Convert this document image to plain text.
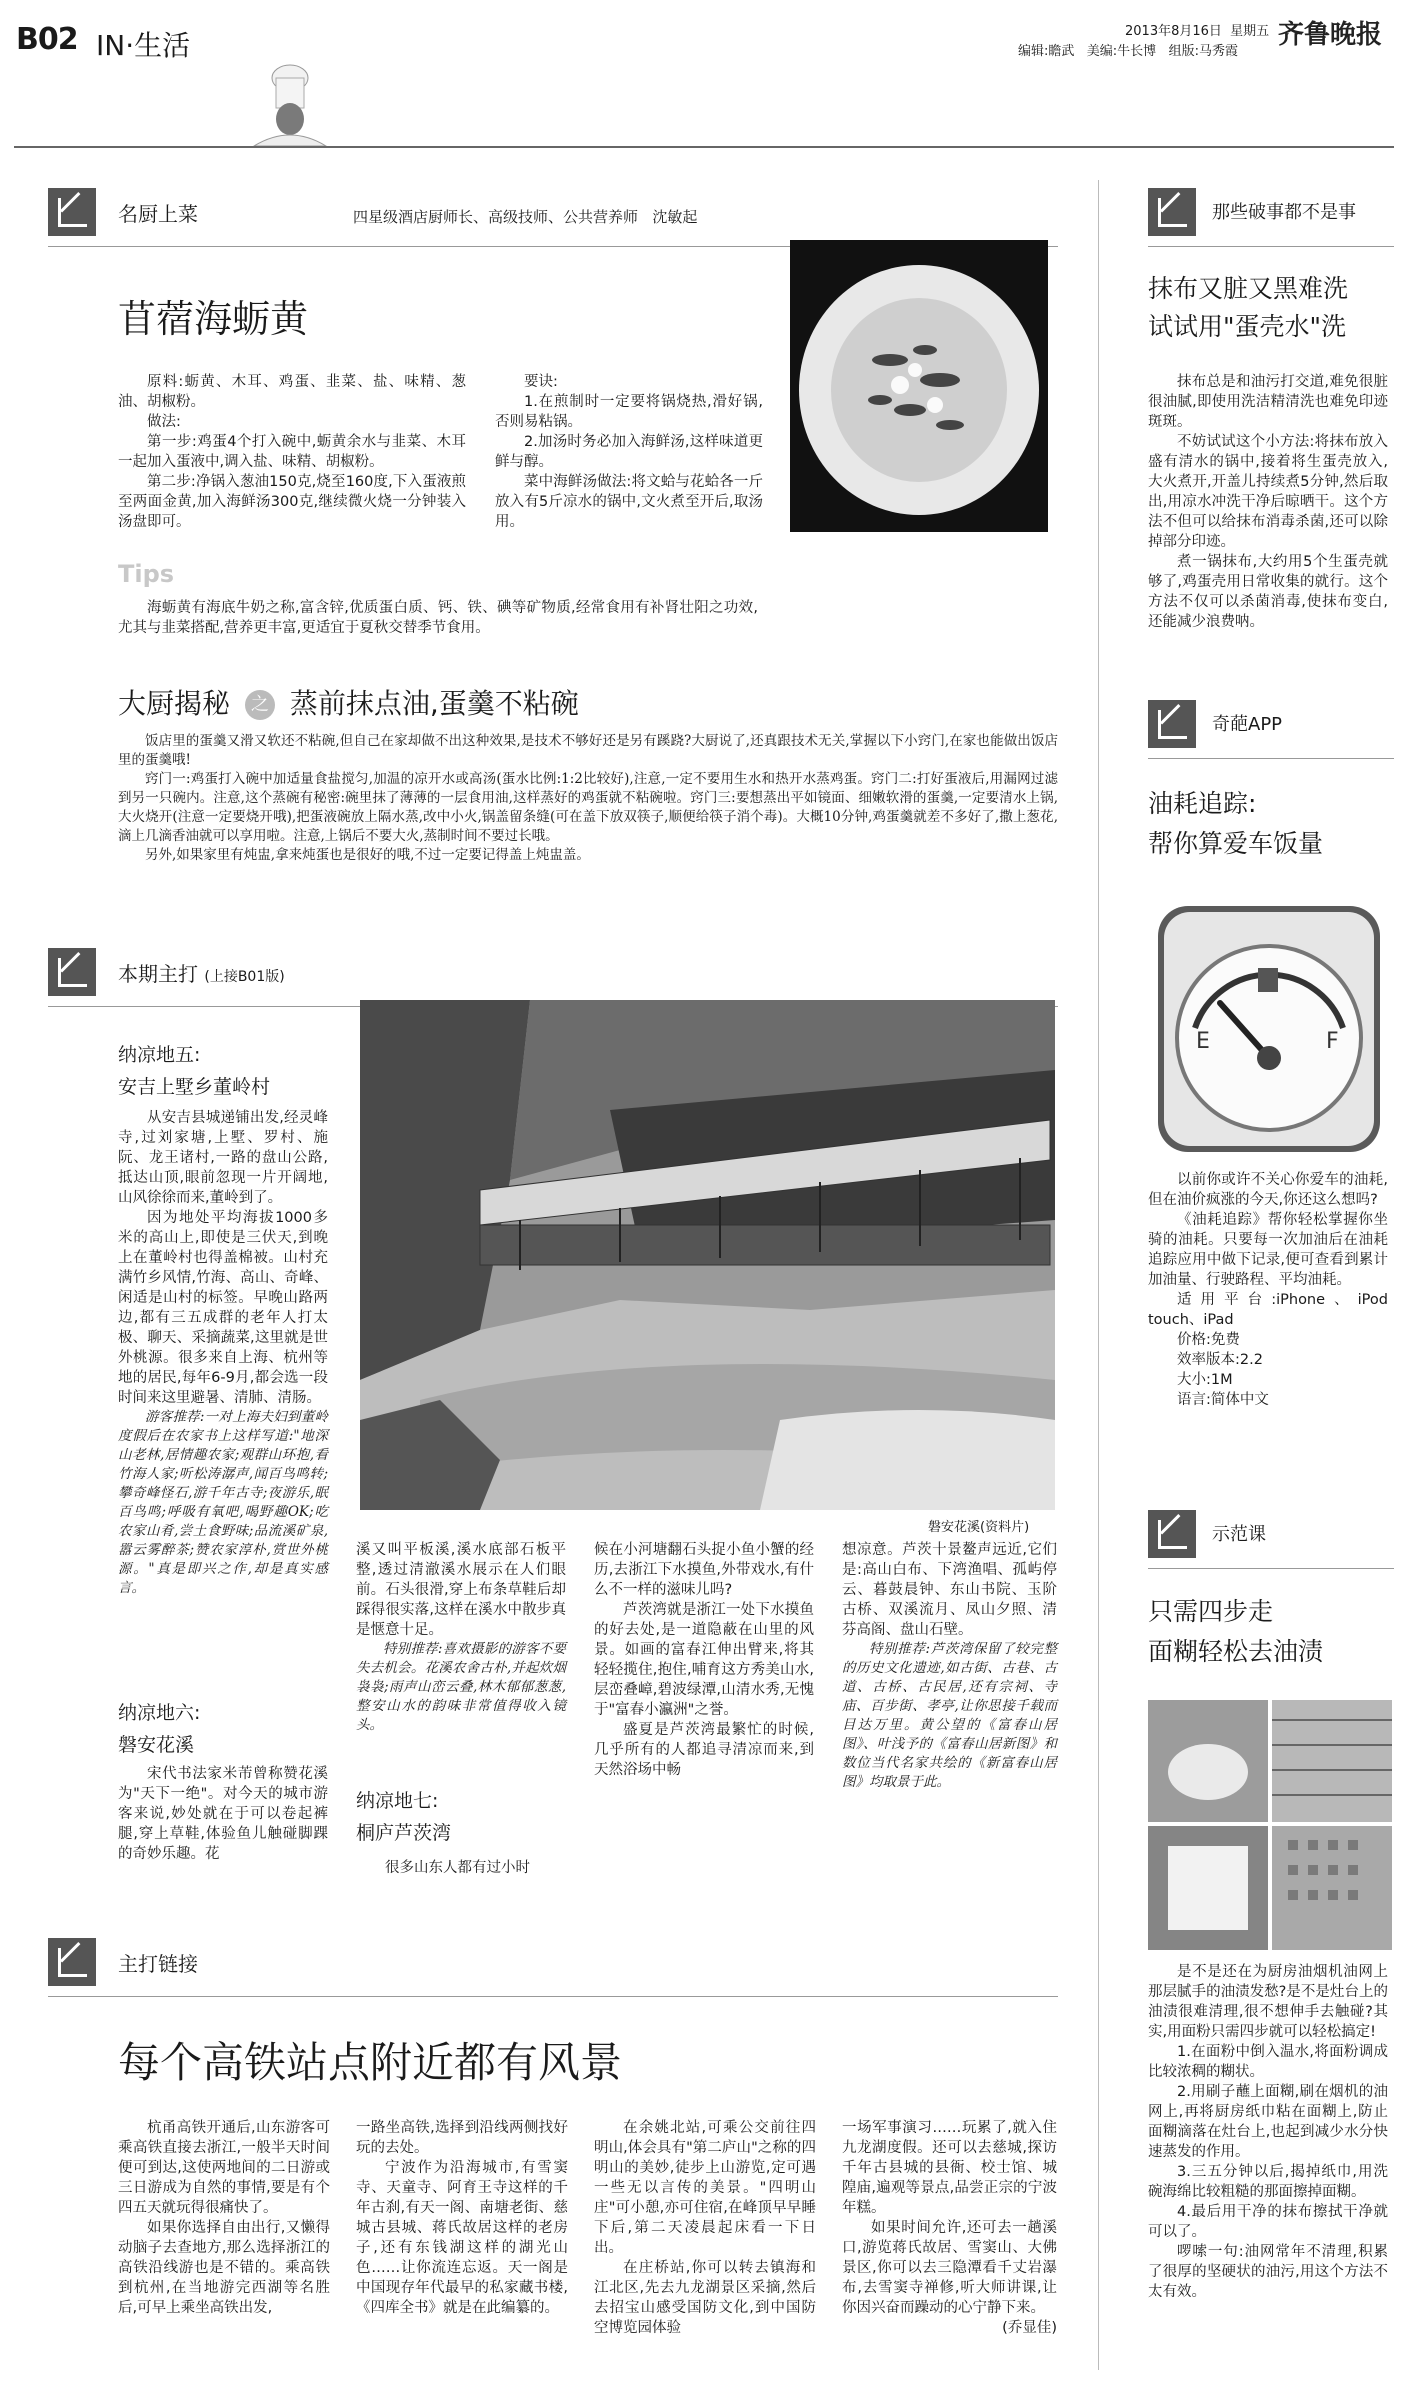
B02 IN·生活	2013年8月16日 星期五 齐鲁晚报
编辑:瞻武 美编:牛长博 组版:马秀霞
名厨上菜	四星级酒店厨师长、高级技师、公共营养师 沈敏起
苜蓿海蛎黄

原料:蛎黄、木耳、鸡蛋、韭菜、盐、味精、葱油、胡椒粉。

做法:

第一步:鸡蛋4个打入碗中,蛎黄余水与韭菜、木耳一起加入蛋液中,调入盐、味精、胡椒粉。

第二步:净锅入葱油150克,烧至160度,下入蛋液煎至两面金黄,加入海鲜汤300克,继续微火烧一分钟装入汤盘即可。

要诀:

1.在煎制时一定要将锅烧热,滑好锅,否则易粘锅。

2.加汤时务必加入海鲜汤,这样味道更鲜与醇。

菜中海鲜汤做法:将文蛤与花蛤各一斤放入有5斤凉水的锅中,文火煮至开后,取汤用。

Tips

海蛎黄有海底牛奶之称,富含锌,优质蛋白质、钙、铁、碘等矿物质,经常食用有补肾壮阳之功效,尤其与韭菜搭配,营养更丰富,更适宜于夏秋交替季节食用。

大厨揭秘 之 蒸前抹点油,蛋羹不粘碗

饭店里的蛋羹又滑又软还不粘碗,但自己在家却做不出这种效果,是技术不够好还是另有蹊跷?大厨说了,还真跟技术无关,掌握以下小窍门,在家也能做出饭店里的蛋羹哦!

窍门一:鸡蛋打入碗中加适量食盐搅匀,加温的凉开水或高汤(蛋水比例:1:2比较好),注意,一定不要用生水和热开水蒸鸡蛋。窍门二:打好蛋液后,用漏网过滤到另一只碗内。注意,这个蒸碗有秘密:碗里抹了薄薄的一层食用油,这样蒸好的鸡蛋就不粘碗啦。窍门三:要想蒸出平如镜面、细嫩软滑的蛋羹,一定要清水上锅,大火烧开(注意一定要烧开哦),把蛋液碗放上隔水蒸,改中小火,锅盖留条缝(可在盖下放双筷子,顺便给筷子消个毒)。大概10分钟,鸡蛋羹就差不多好了,撒上葱花,滴上几滴香油就可以享用啦。注意,上锅后不要大火,蒸制时间不要过长哦。

另外,如果家里有炖盅,拿来炖蛋也是很好的哦,不过一定要记得盖上炖盅盖。

本期主打 (上接B01版)
磐安花溪(资料片)
纳凉地五:
安吉上墅乡董岭村

从安吉县城递铺出发,经灵峰寺,过刘家塘,上墅、罗村、施阮、龙王诸村,一路的盘山公路,抵达山顶,眼前忽现一片开阔地,山风徐徐而来,董岭到了。

因为地处平均海拔1000多米的高山上,即使是三伏天,到晚上在董岭村也得盖棉被。山村充满竹乡风情,竹海、高山、奇峰、闲适是山村的标签。早晚山路两边,都有三五成群的老年人打太极、聊天、采摘蔬菜,这里就是世外桃源。很多来自上海、杭州等地的居民,每年6-9月,都会选一段时间来这里避暑、清肺、清肠。

游客推荐:一对上海夫妇到董岭度假后在农家书上这样写道:"地深山老林,居情趣农家;观群山环抱,看竹海人家;听松涛潺声,闻百鸟鸣转;攀奇峰怪石,游千年古寺;夜游乐,眠百鸟鸣;呼吸有氧吧,喝野趣OK;吃农家山肴,尝土食野味;品流溪矿泉,嚣云雾醉茶;赞农家淳朴,赏世外桃源。"真是即兴之作,却是真实感言。

纳凉地六:
磐安花溪

宋代书法家米芾曾称赞花溪为"天下一绝"。对今天的城市游客来说,妙处就在于可以卷起裤腿,穿上草鞋,体验鱼儿触碰脚踝的奇妙乐趣。花

溪又叫平板溪,溪水底部石板平整,透过清澈溪水展示在人们眼前。石头很滑,穿上布条草鞋后却踩得很实落,这样在溪水中散步真是惬意十足。

特别推荐:喜欢摄影的游客不要失去机会。花溪农舍古朴,并起炊烟袅袅;雨声山峦云叠,林木郁郁葱葱,整安山水的韵味非常值得收入镜头。

纳凉地七:
桐庐芦茨湾

很多山东人都有过小时

候在小河塘翻石头捉小鱼小蟹的经历,去浙江下水摸鱼,外带戏水,有什么不一样的滋味儿吗?

芦茨湾就是浙江一处下水摸鱼的好去处,是一道隐蔽在山里的风景。如画的富春江伸出臂来,将其轻轻揽住,抱住,哺育这方秀美山水,层峦叠嶂,碧波绿潭,山清水秀,无愧于"富春小瀛洲"之誉。

盛夏是芦茨湾最繁忙的时候,几乎所有的人都追寻清凉而来,到天然浴场中畅

想凉意。芦茨十景鳌声远近,它们是:高山白布、下湾渔唱、孤屿停云、暮鼓晨钟、东山书院、玉阶古桥、双溪流月、凤山夕照、清芬高阁、盘山石壁。

特别推荐:芦茨湾保留了较完整的历史文化遗迹,如古街、古巷、古道、古桥、古民居,还有宗祠、寺庙、百步街、孝亭,让你思接千载而目达万里。黄公望的《富春山居图》、叶浅予的《富春山居新图》和数位当代名家共绘的《新富春山居图》均取景于此。

主打链接
每个高铁站点附近都有风景

杭甬高铁开通后,山东游客可乘高铁直接去浙江,一般半天时间便可到达,这使两地间的二日游或三日游成为自然的事情,要是有个四五天就玩得很痛快了。

如果你选择自由出行,又懒得动脑子去查地方,那么选择浙江的高铁沿线游也是不错的。乘高铁到杭州,在当地游完西湖等名胜后,可早上乘坐高铁出发,

一路坐高铁,选择到沿线两侧找好玩的去处。

宁波作为沿海城市,有雪窦寺、天童寺、阿育王寺这样的千年古刹,有天一阁、南塘老街、慈城古县城、蒋氏故居这样的老房子,还有东钱湖这样的湖光山色……让你流连忘返。天一阁是中国现存年代最早的私家藏书楼,《四库全书》就是在此编纂的。

在余姚北站,可乘公交前往四明山,体会具有"第二庐山"之称的四明山的美妙,徒步上山游览,定可遇一些无以言传的美景。"四明山庄"可小憩,亦可住宿,在峰顶早早睡下后,第二天凌晨起床看一下日出。

在庄桥站,你可以转去镇海和江北区,先去九龙湖景区采摘,然后去招宝山感受国防文化,到中国防空博览园体验

一场军事演习……玩累了,就入住九龙湖度假。还可以去慈城,探访千年古县城的县衙、校士馆、城隍庙,遍观等景点,品尝正宗的宁波年糕。

如果时间允许,还可去一趟溪口,游览蒋氏故居、雪窦山、大佛景区,你可以去三隐潭看千丈岩瀑布,去雪窦寺禅修,听大师讲课,让你因兴奋而躁动的心宁静下来。

(乔显佳)

那些破事都不是事
抹布又脏又黑难洗
试试用"蛋壳水"洗

抹布总是和油污打交道,难免很脏很油腻,即使用洗洁精清洗也难免印迹斑斑。

不妨试试这个小方法:将抹布放入盛有清水的锅中,接着将生蛋壳放入,大火煮开,开盖儿持续煮5分钟,然后取出,用凉水冲洗干净后晾晒干。这个方法不但可以给抹布消毒杀菌,还可以除掉部分印迹。

煮一锅抹布,大约用5个生蛋壳就够了,鸡蛋壳用日常收集的就行。这个方法不仅可以杀菌消毒,使抹布变白,还能减少浪费呐。

奇葩APP
油耗追踪:
帮你算爱车饭量
E	F

以前你或许不关心你爱车的油耗,但在油价疯涨的今天,你还这么想吗?

《油耗追踪》帮你轻松掌握你坐骑的油耗。只要每一次加油后在油耗追踪应用中做下记录,便可查看到累计加油量、行驶路程、平均油耗。

适用平台:iPhone、iPod touch、iPad

价格:免费

效率版本:2.2

大小:1M

语言:简体中文

示范课
只需四步走
面糊轻松去油渍

是不是还在为厨房油烟机油网上那层腻手的油渍发愁?是不是灶台上的油渍很难清理,很不想伸手去触碰?其实,用面粉只需四步就可以轻松搞定!

1.在面粉中倒入温水,将面粉调成比较浓稠的糊状。

2.用刷子蘸上面糊,刷在烟机的油网上,再将厨房纸巾粘在面糊上,防止面糊滴落在灶台上,也起到减少水分快速蒸发的作用。

3.三五分钟以后,揭掉纸巾,用洗碗海绵比较粗糙的那面擦掉面糊。

4.最后用干净的抹布擦拭干净就可以了。

啰嗦一句:油网常年不清理,积累了很厚的坚硬状的油污,用这个方法不太有效。
